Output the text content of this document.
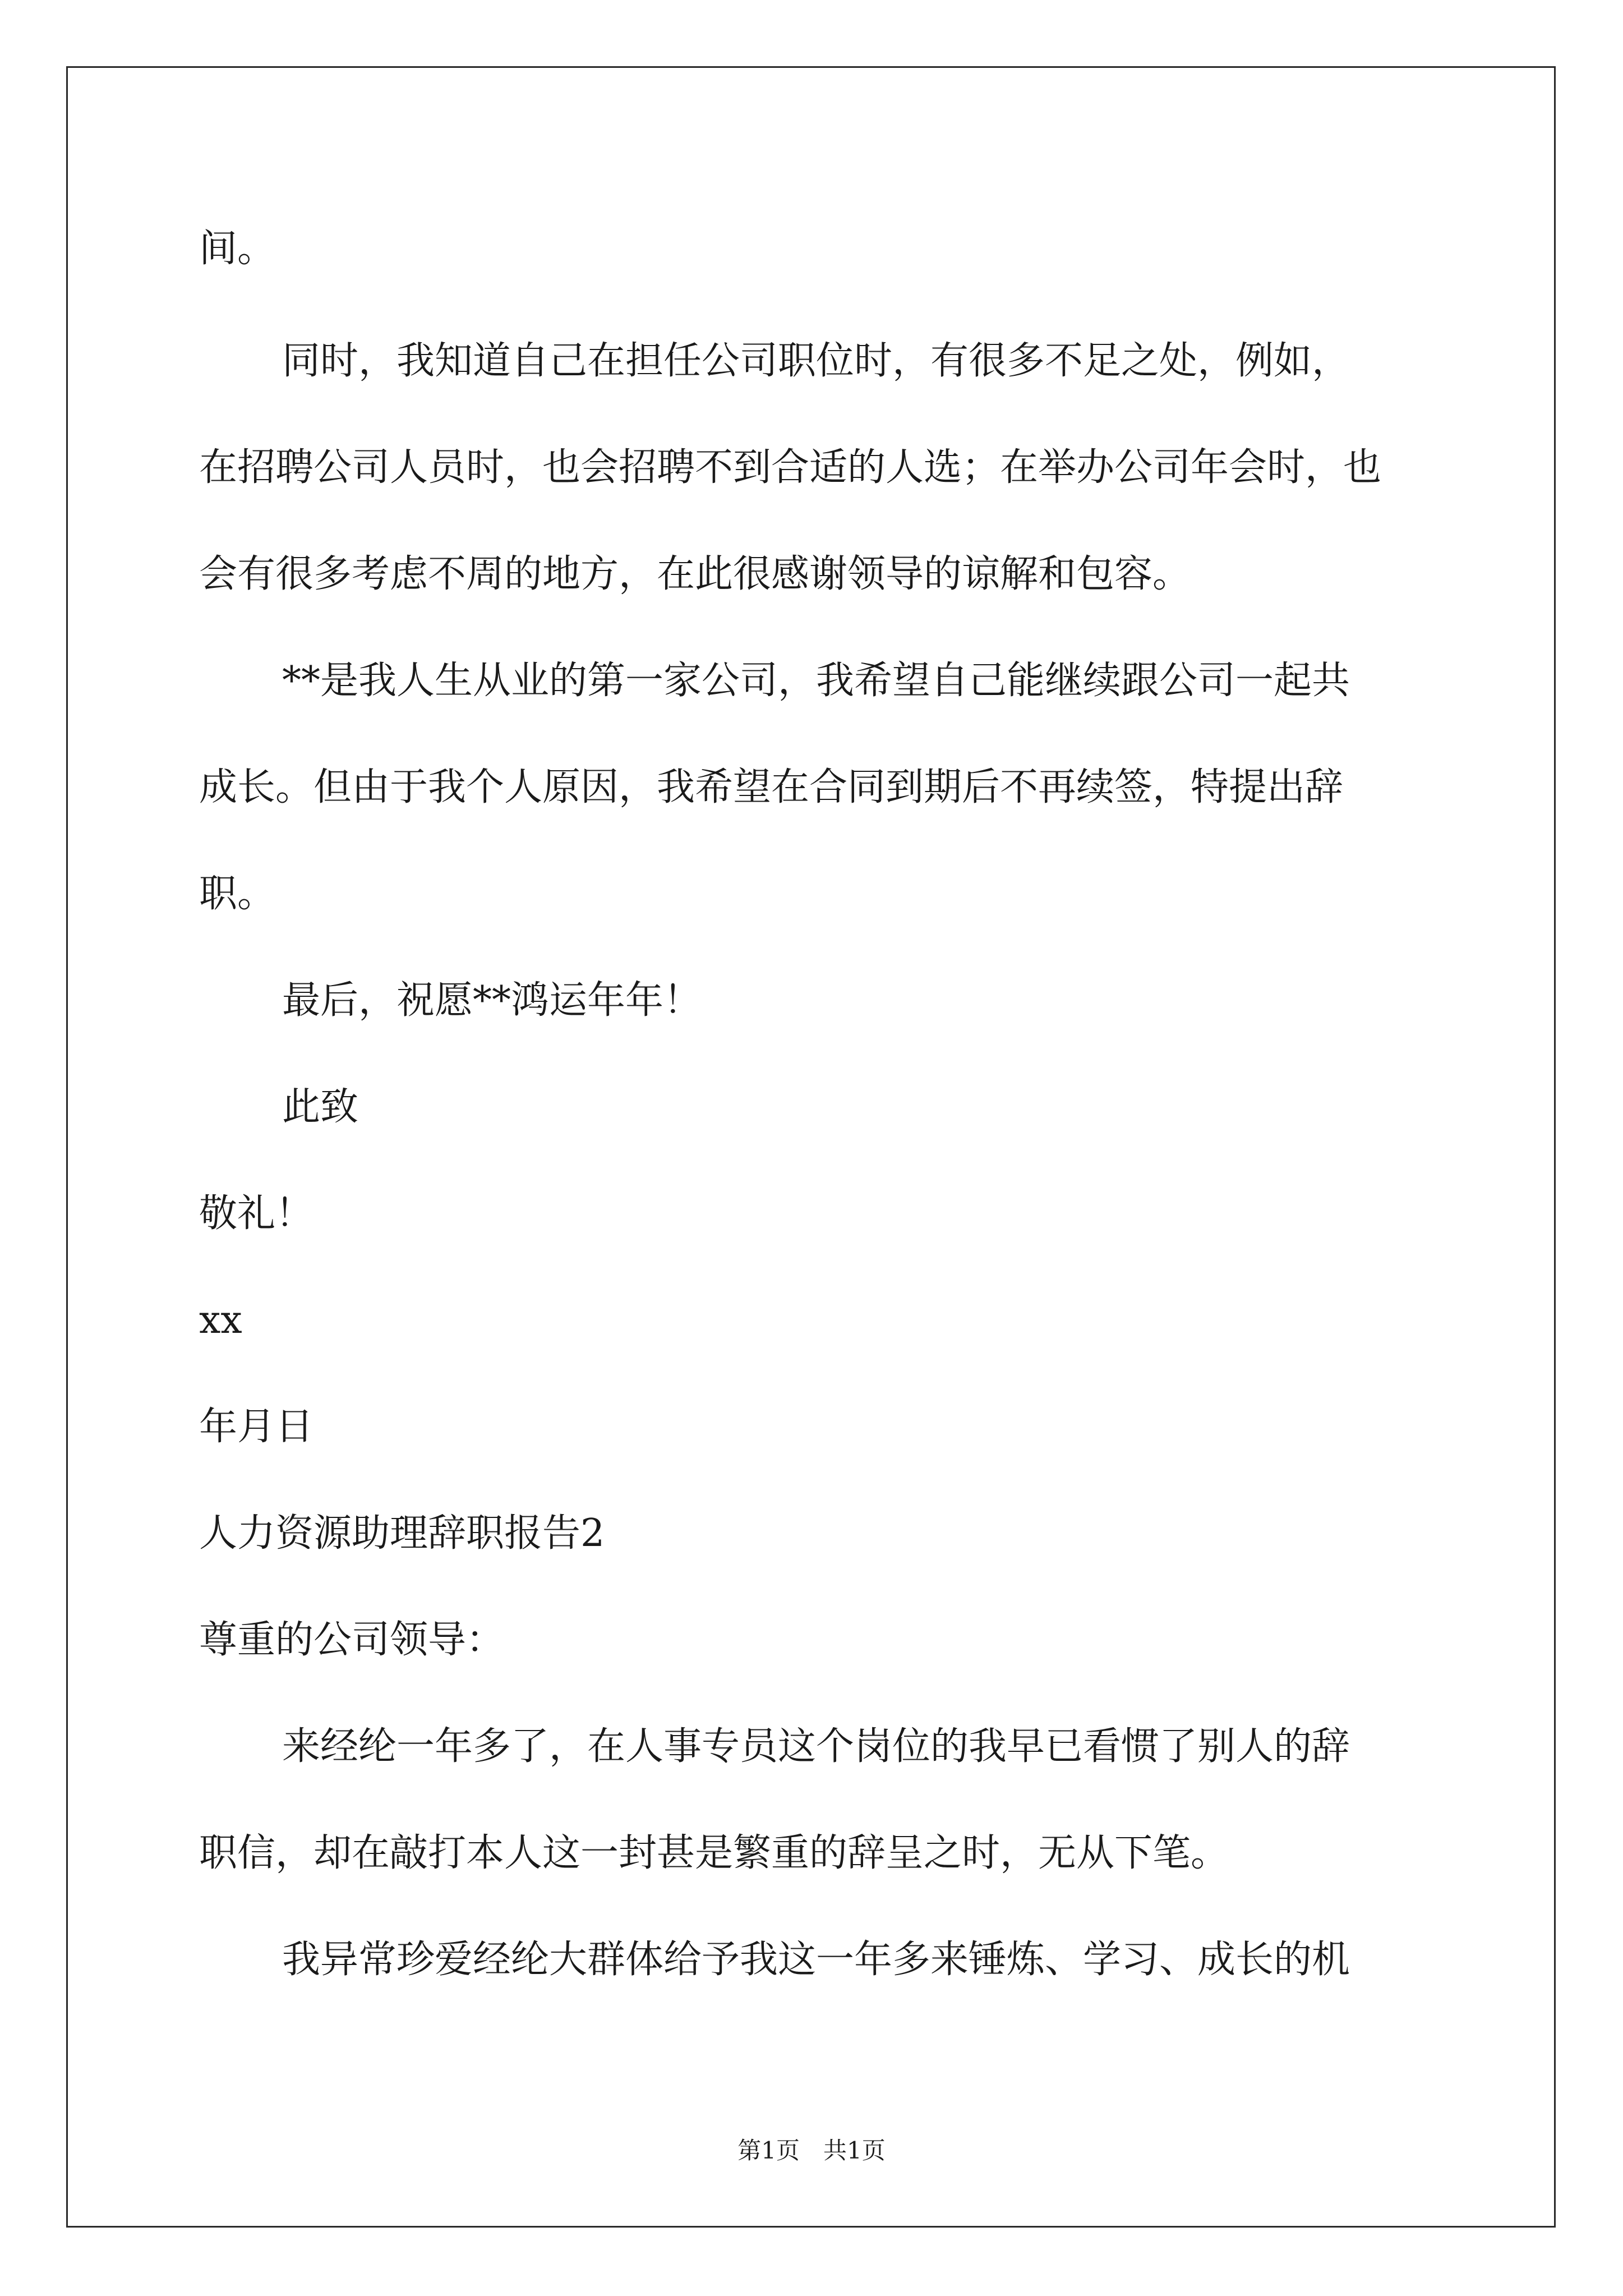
间。
同时，我知道自己在担任公司职位时，有很多不足之处，例如，
在招聘公司人员时，也会招聘不到合适的人选；在举办公司年会时，也
会有很多考虑不周的地方，在此很感谢领导的谅解和包容。
**是我人生从业的第一家公司，我希望自己能继续跟公司一起共
成长。但由于我个人原因，我希望在合同到期后不再续签，特提出辞
职。
最后，祝愿**鸿运年年！
此致
敬礼！
xx
年月日
人力资源助理辞职报告2
尊重的公司领导：
来经纶一年多了，在人事专员这个岗位的我早已看惯了别人的辞
职信，却在敲打本人这一封甚是繁重的辞呈之时，无从下笔。
我异常珍爱经纶大群体给予我这一年多来锤炼、学习、成长的机
第1页　共1页
